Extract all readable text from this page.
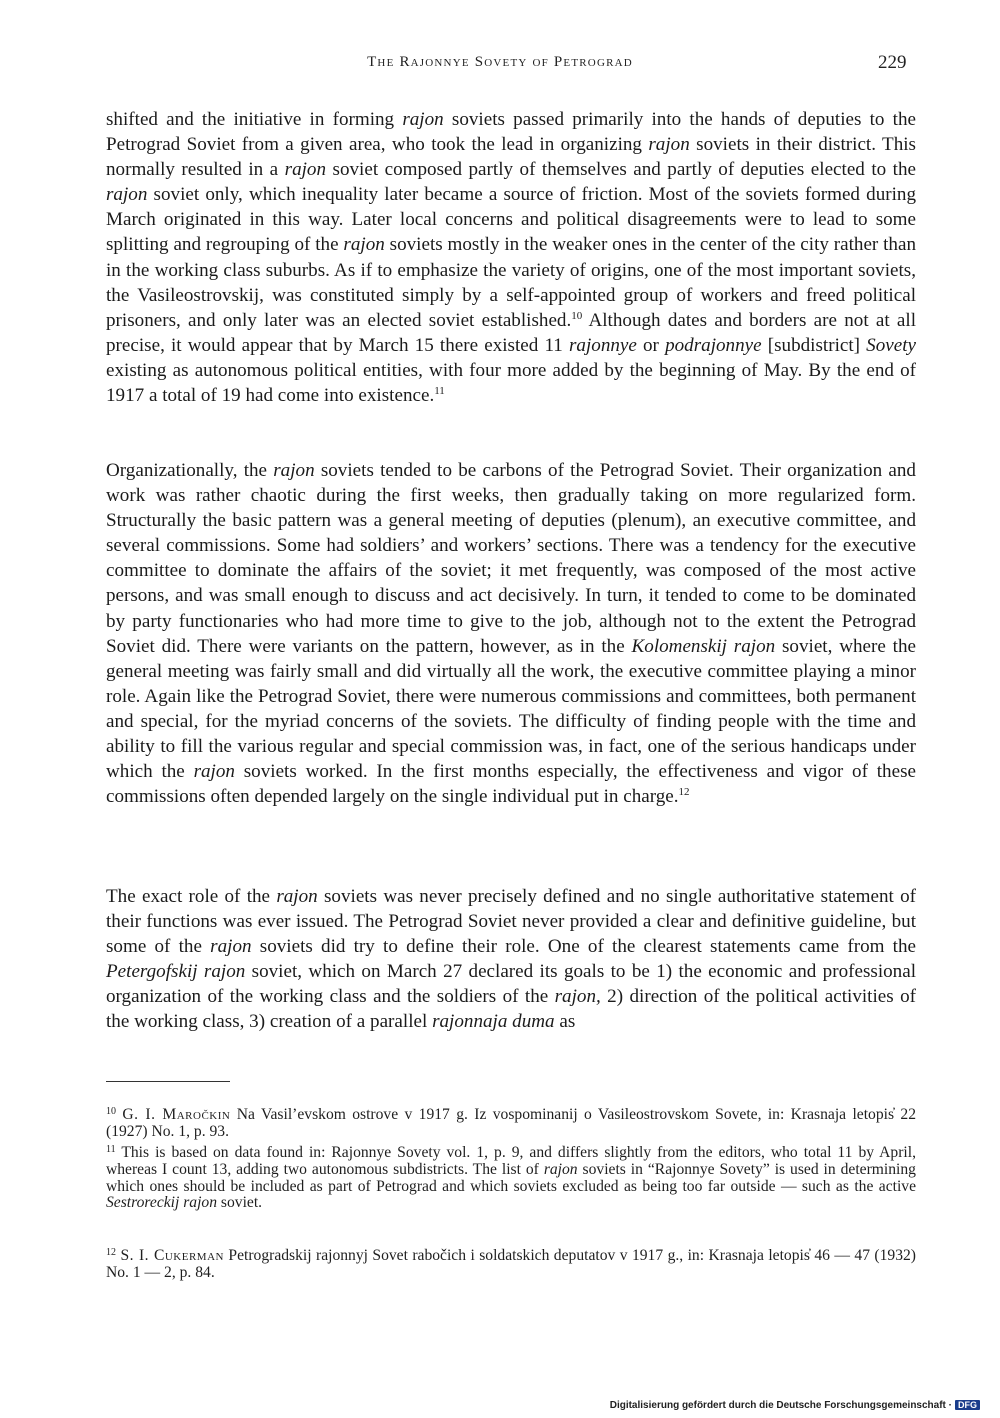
The Rajonnye Sovety of Petrograd	229

shifted and the initiative in forming rajon soviets passed primarily into the hands of deputies to the Petrograd Soviet from a given area, who took the lead in organizing rajon soviets in their district. This normally resulted in a rajon soviet composed partly of themselves and partly of deputies elected to the rajon soviet only, which inequality later became a source of friction. Most of the soviets formed during March originated in this way. Later local concerns and political disagreements were to lead to some splitting and regrouping of the rajon soviets mostly in the weaker ones in the center of the city rather than in the working class suburbs. As if to emphasize the variety of origins, one of the most important soviets, the Vasileostrovskij, was constituted simply by a self-appointed group of workers and freed political prisoners, and only later was an elected soviet established.$^{10}$ Although dates and borders are not at all precise, it would appear that by March 15 there existed 11 rajonnye or podrajonnye [subdistrict] Sovety existing as autonomous political entities, with four more added by the beginning of May. By the end of 1917 a total of 19 had come into existence.$^{11}$

Organizationally, the rajon soviets tended to be carbons of the Petrograd Soviet. Their organization and work was rather chaotic during the first weeks, then gradually taking on more regularized form. Structurally the basic pattern was a general meeting of deputies (plenum), an executive committee, and several commissions. Some had soldiers’ and workers’ sections. There was a tendency for the executive committee to dominate the affairs of the soviet; it met frequently, was composed of the most active persons, and was small enough to discuss and act decisively. In turn, it tended to come to be dominated by party functionaries who had more time to give to the job, although not to the extent the Petrograd Soviet did. There were variants on the pattern, however, as in the Kolomenskij rajon soviet, where the general meeting was fairly small and did virtually all the work, the executive committee playing a minor role. Again like the Petrograd Soviet, there were numerous commissions and committees, both permanent and special, for the myriad concerns of the soviets. The difficulty of finding people with the time and ability to fill the various regular and special commission was, in fact, one of the serious handicaps under which the rajon soviets worked. In the first months especially, the effectiveness and vigor of these commissions often depended largely on the single individual put in charge.$^{12}$

The exact role of the rajon soviets was never precisely defined and no single authoritative statement of their functions was ever issued. The Petrograd Soviet never provided a clear and definitive guideline, but some of the rajon soviets did try to define their role. One of the clearest statements came from the Petergofskij rajon soviet, which on March 27 declared its goals to be 1) the economic and professional organization of the working class and the soldiers of the rajon, 2) direction of the political activities of the working class, 3) creation of a parallel rajonnaja duma as

$^{10}$ G. I. Maročkin Na Vasil’evskom ostrove v 1917 g. Iz vospominanij o Vasileostrovskom Sovete, in: Krasnaja letopis̓ 22 (1927) No. 1, p. 93.

$^{11}$ This is based on data found in: Rajonnye Sovety vol. 1, p. 9, and differs slightly from the editors, who total 11 by April, whereas I count 13, adding two autonomous subdistricts. The list of rajon soviets in “Rajonnye Sovety” is used in determining which ones should be included as part of Petrograd and which soviets excluded as being too far outside — such as the active Sestroreckij rajon soviet.

$^{12}$ S. I. Cukerman Petrogradskij rajonnyj Sovet rabočich i soldatskich deputatov v 1917 g., in: Krasnaja letopis̓ 46 — 47 (1932) No. 1 — 2, p. 84.

Digitalisierung gefördert durch die Deutsche Forschungsgemeinschaft · DFG
